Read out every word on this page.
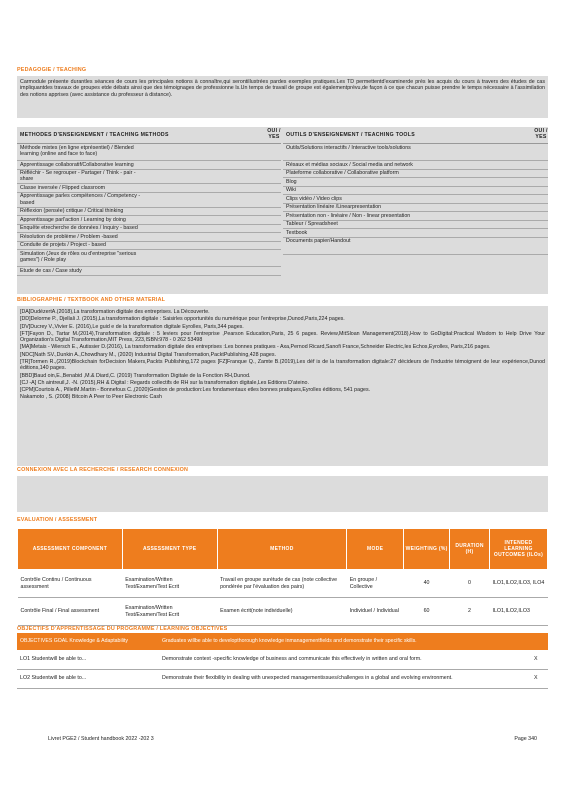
PEDAGOGIE / TEACHING
Carmodule présente durantles séances de cours les principales notions à connaître,qui serontillustrées pardes exemples pratiques.Les TD permettentd'examinerde près les acquis du cours à travers des études de cas impliquantdes travaux de groupes etde débats ainsi que des témoignages de professionne ls.Un temps de travail de groupe est égalementprévu,de façon à ce que chacun puisse prendre le temps nécessaire à l'assimilation des notions apprises (avec assistance du professeur à distance).
METHODES D'ENSEIGNEMENT / TEACHING METHODS
OUI / YES
Méthode mixtes (en ligne etprésentiel) / Blended learning (online and face to face)
Apprentissage collaboratif/Collaborative learning
Réfléchir - Se regrouper - Partager / Think - pair - share
Classe inversée / Flipped classroom
Apprentissage parles compétences / Competency -based
Réflexion (pensée) critique / Critical thinking
Apprentissage parl'action / Learning by doing
Enquête etrecherche de données / Inquiry - based
Résolution de problème / Problem -based
Conduite de projets / Project - based
Simulation (Jeux de rôles ou d'entreprise "serious games") / Role play
Etude de cas / Case study
OUTILS D'ENSEIGNEMENT / TEACHING TOOLS
OUI / YES
Outils/Solutions interactifs / Interactive tools/solutions
Résaux et médias sociaux / Social media and network
Plateforme collaborative / Collaborative platform
Blog
Wiki
Clips vidéo / Video clips
Présentation linéaire /Linearpresentation
Présentation non - linéaire / Non - linear presentation
Tableur / Spreadsheet
Textbook
Documents papier/Handout
BIBLIOGRAPHIE / TEXTBOOK AND OTHER MATERIAL

[DA]DudézertA.(2018),La transformation digitale des entreprises. La Découverte.

[DD]Delorme P., Djellali J. (2015),La transformation digitale : Saisirles opportunités du numérique pour l'entreprise,Dunod,Paris,224 pages.

[DV]Ducrey V.,Vivier E. (2016),Le guid e de la transformation digitale Eyrolles, Paris,344 pages.

[FT]Fayon D., Tartar M.(2014),Transformation digitale : 5 leviers pour l'entreprise ,Pearson Education,Paris, 25 6 pages. Review,MitSloan Management(2018),How to GoDigital:Practical Wisdom to Help Drive Your Organization's Digital Transformation,MIT Press, 223,ISBN:978 - 0 262 53498

[MA]Metais - Wiersch E., Autissier D.(2016), La transformation digitale des entreprises :Les bonnes pratiques - Axa,Pernod Ricard,Sanofi France,Schneider Electric,les Echos,Eyrolles, Paris,216 pages.

[NDC]Nath SV.,Dunkin A.,Chowdhary M., (2020) Industrial Digital Transformation,PacktPublishing,428 pages.

[TR]Tormen R.,(2019)Blockchain forDecision Makers,Packts Publishing,172 pages [FZ]Franque Q., Zamte B.(2019),Les déf is de la transformation digitale:27 décideurs de l'industrie témoignent de leur expérience,Dunod éditions,140 pages.

[BBD]Baud oin,E.,Benabid ,M.& Diard,C. (2019) Transformation Digitale de la Fonction RH,Dunod.

[CJ -A] Ch aintreuil,J. -N. (2015),RH & Digital : Regards collectifs de RH sur la transformation digitale,Les Editions D'ateino.

[CPM]Courtois A., PilletM.Martin - Bonnefous C.,(2020)Gestion de production:Les fondamentaux etles bonnes pratiques,Eyrolles éditions, 541 pages.

Nakamoto , S. (2008) Bitcoin A Peer to Peer Electronic Cash

CONNEXION AVEC LA RECHERCHE / RESEARCH CONNEXION
EVALUATION / ASSESSMENT
ASSESSMENT COMPONENT	ASSESSMENT TYPE	METHOD	MODE	WEIGHTING (%)	DURATION (H)	INTENDED LEARNING OUTCOMES (ILOs)
Contrôle Continu / Continuous assessment	Examination/Written Test/Examen/Test Ecrit	Travail en groupe surétude de cas (note collective pondérée par l'évaluation des pairs)	En groupe / Collective	40	0	ILO1,ILO2,ILO3, ILO4
Contrôle Final / Final assessment	Examination/Written Test/Examen/Test Ecrit	Examen écrit(note individuelle)	Individuel / Individual	60	2	ILO1,ILO2,ILO3
OBJECTIFS D'APPRENTISSAGE DU PROGRAMME / LEARNING OBJECTIVES
OBJECTIVES GOAL Knowledge & Adaptability	Graduates willbe able to developthorough knowledge inmanagementfields and demonstrate their specific skills.	
LO1 Studentwill be able to...	Demonstrate context -specific knowledge of business and communicate this effectively in written and oral form.	X
LO2 Studentwill be able to...	Demonstrate their flexibility in dealing with unexpected managementissues/challenges in a global and evolving environment.	X
Livret PGE2 / Student handbook 2022 -202 3	Page 340
